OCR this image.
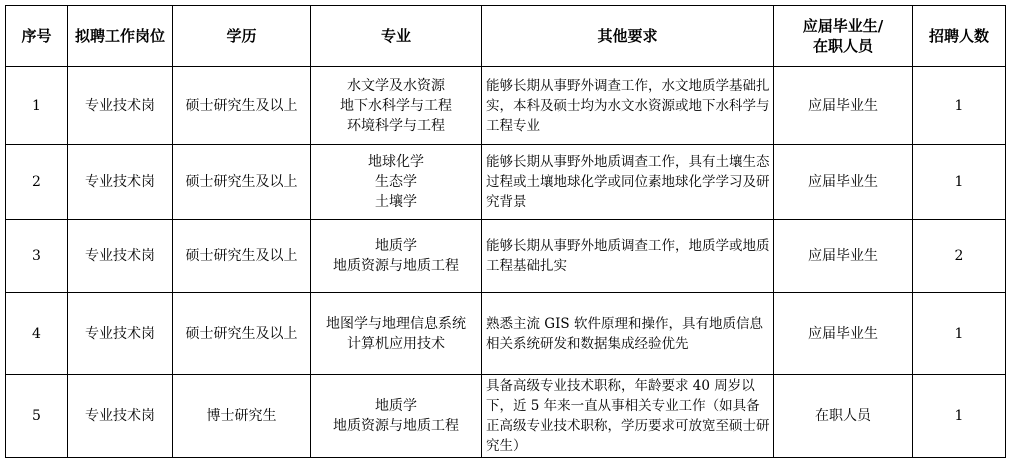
序号	拟聘工作岗位	学历	专业	其他要求	应届毕业生/
在职人员	招聘人数
1	专业技术岗	硕士研究生及以上	水文学及水资源
地下水科学与工程
环境科学与工程	能够长期从事野外调查工作，水文地质学基础扎实，本科及硕士均为水文水资源或地下水科学与工程专业	应届毕业生	1
2	专业技术岗	硕士研究生及以上	地球化学
生态学
土壤学	能够长期从事野外地质调查工作，具有土壤生态过程或土壤地球化学或同位素地球化学学习及研究背景	应届毕业生	1
3	专业技术岗	硕士研究生及以上	地质学
地质资源与地质工程	能够长期从事野外地质调查工作，地质学或地质工程基础扎实	应届毕业生	2
4	专业技术岗	硕士研究生及以上	地图学与地理信息系统
计算机应用技术	熟悉主流 GIS 软件原理和操作，具有地质信息相关系统研发和数据集成经验优先	应届毕业生	1
5	专业技术岗	博士研究生	地质学
地质资源与地质工程	具备高级专业技术职称，年龄要求 40 周岁以下，近 5 年来一直从事相关专业工作（如具备正高级专业技术职称，学历要求可放宽至硕士研究生）	在职人员	1
